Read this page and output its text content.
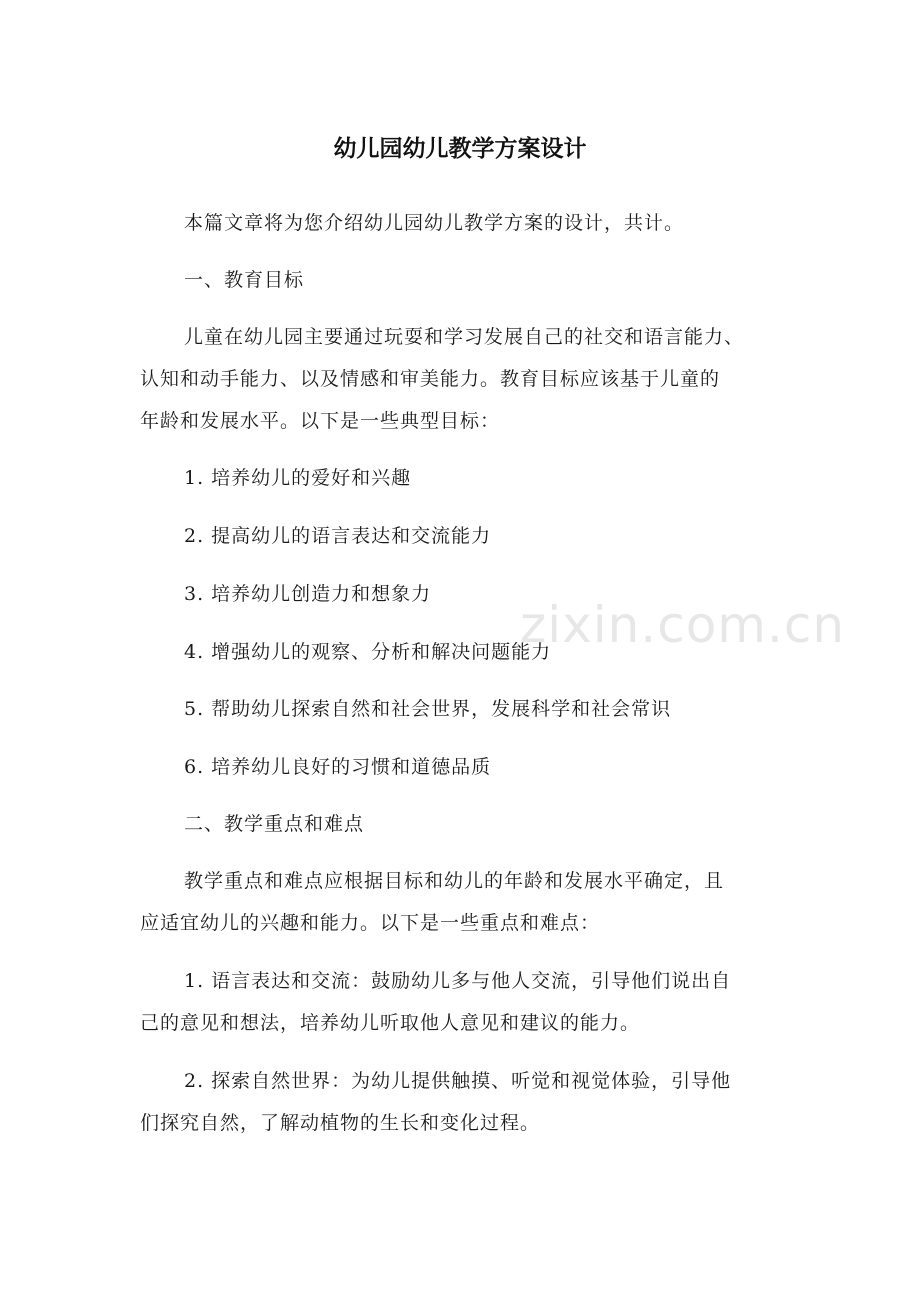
幼儿园幼儿教学方案设计

本篇文章将为您介绍幼儿园幼儿教学方案的设计，共计。

一、教育目标

儿童在幼儿园主要通过玩耍和学习发展自己的社交和语言能力、
认知和动手能力、以及情感和审美能力。教育目标应该基于儿童的
年龄和发展水平。以下是一些典型目标：

1. 培养幼儿的爱好和兴趣

2. 提高幼儿的语言表达和交流能力

3. 培养幼儿创造力和想象力

4. 增强幼儿的观察、分析和解决问题能力

5. 帮助幼儿探索自然和社会世界，发展科学和社会常识

6. 培养幼儿良好的习惯和道德品质

二、教学重点和难点

教学重点和难点应根据目标和幼儿的年龄和发展水平确定，且
应适宜幼儿的兴趣和能力。以下是一些重点和难点：

1. 语言表达和交流：鼓励幼儿多与他人交流，引导他们说出自
己的意见和想法，培养幼儿听取他人意见和建议的能力。

2. 探索自然世界：为幼儿提供触摸、听觉和视觉体验，引导他
们探究自然，了解动植物的生长和变化过程。

zixin.com.cn
